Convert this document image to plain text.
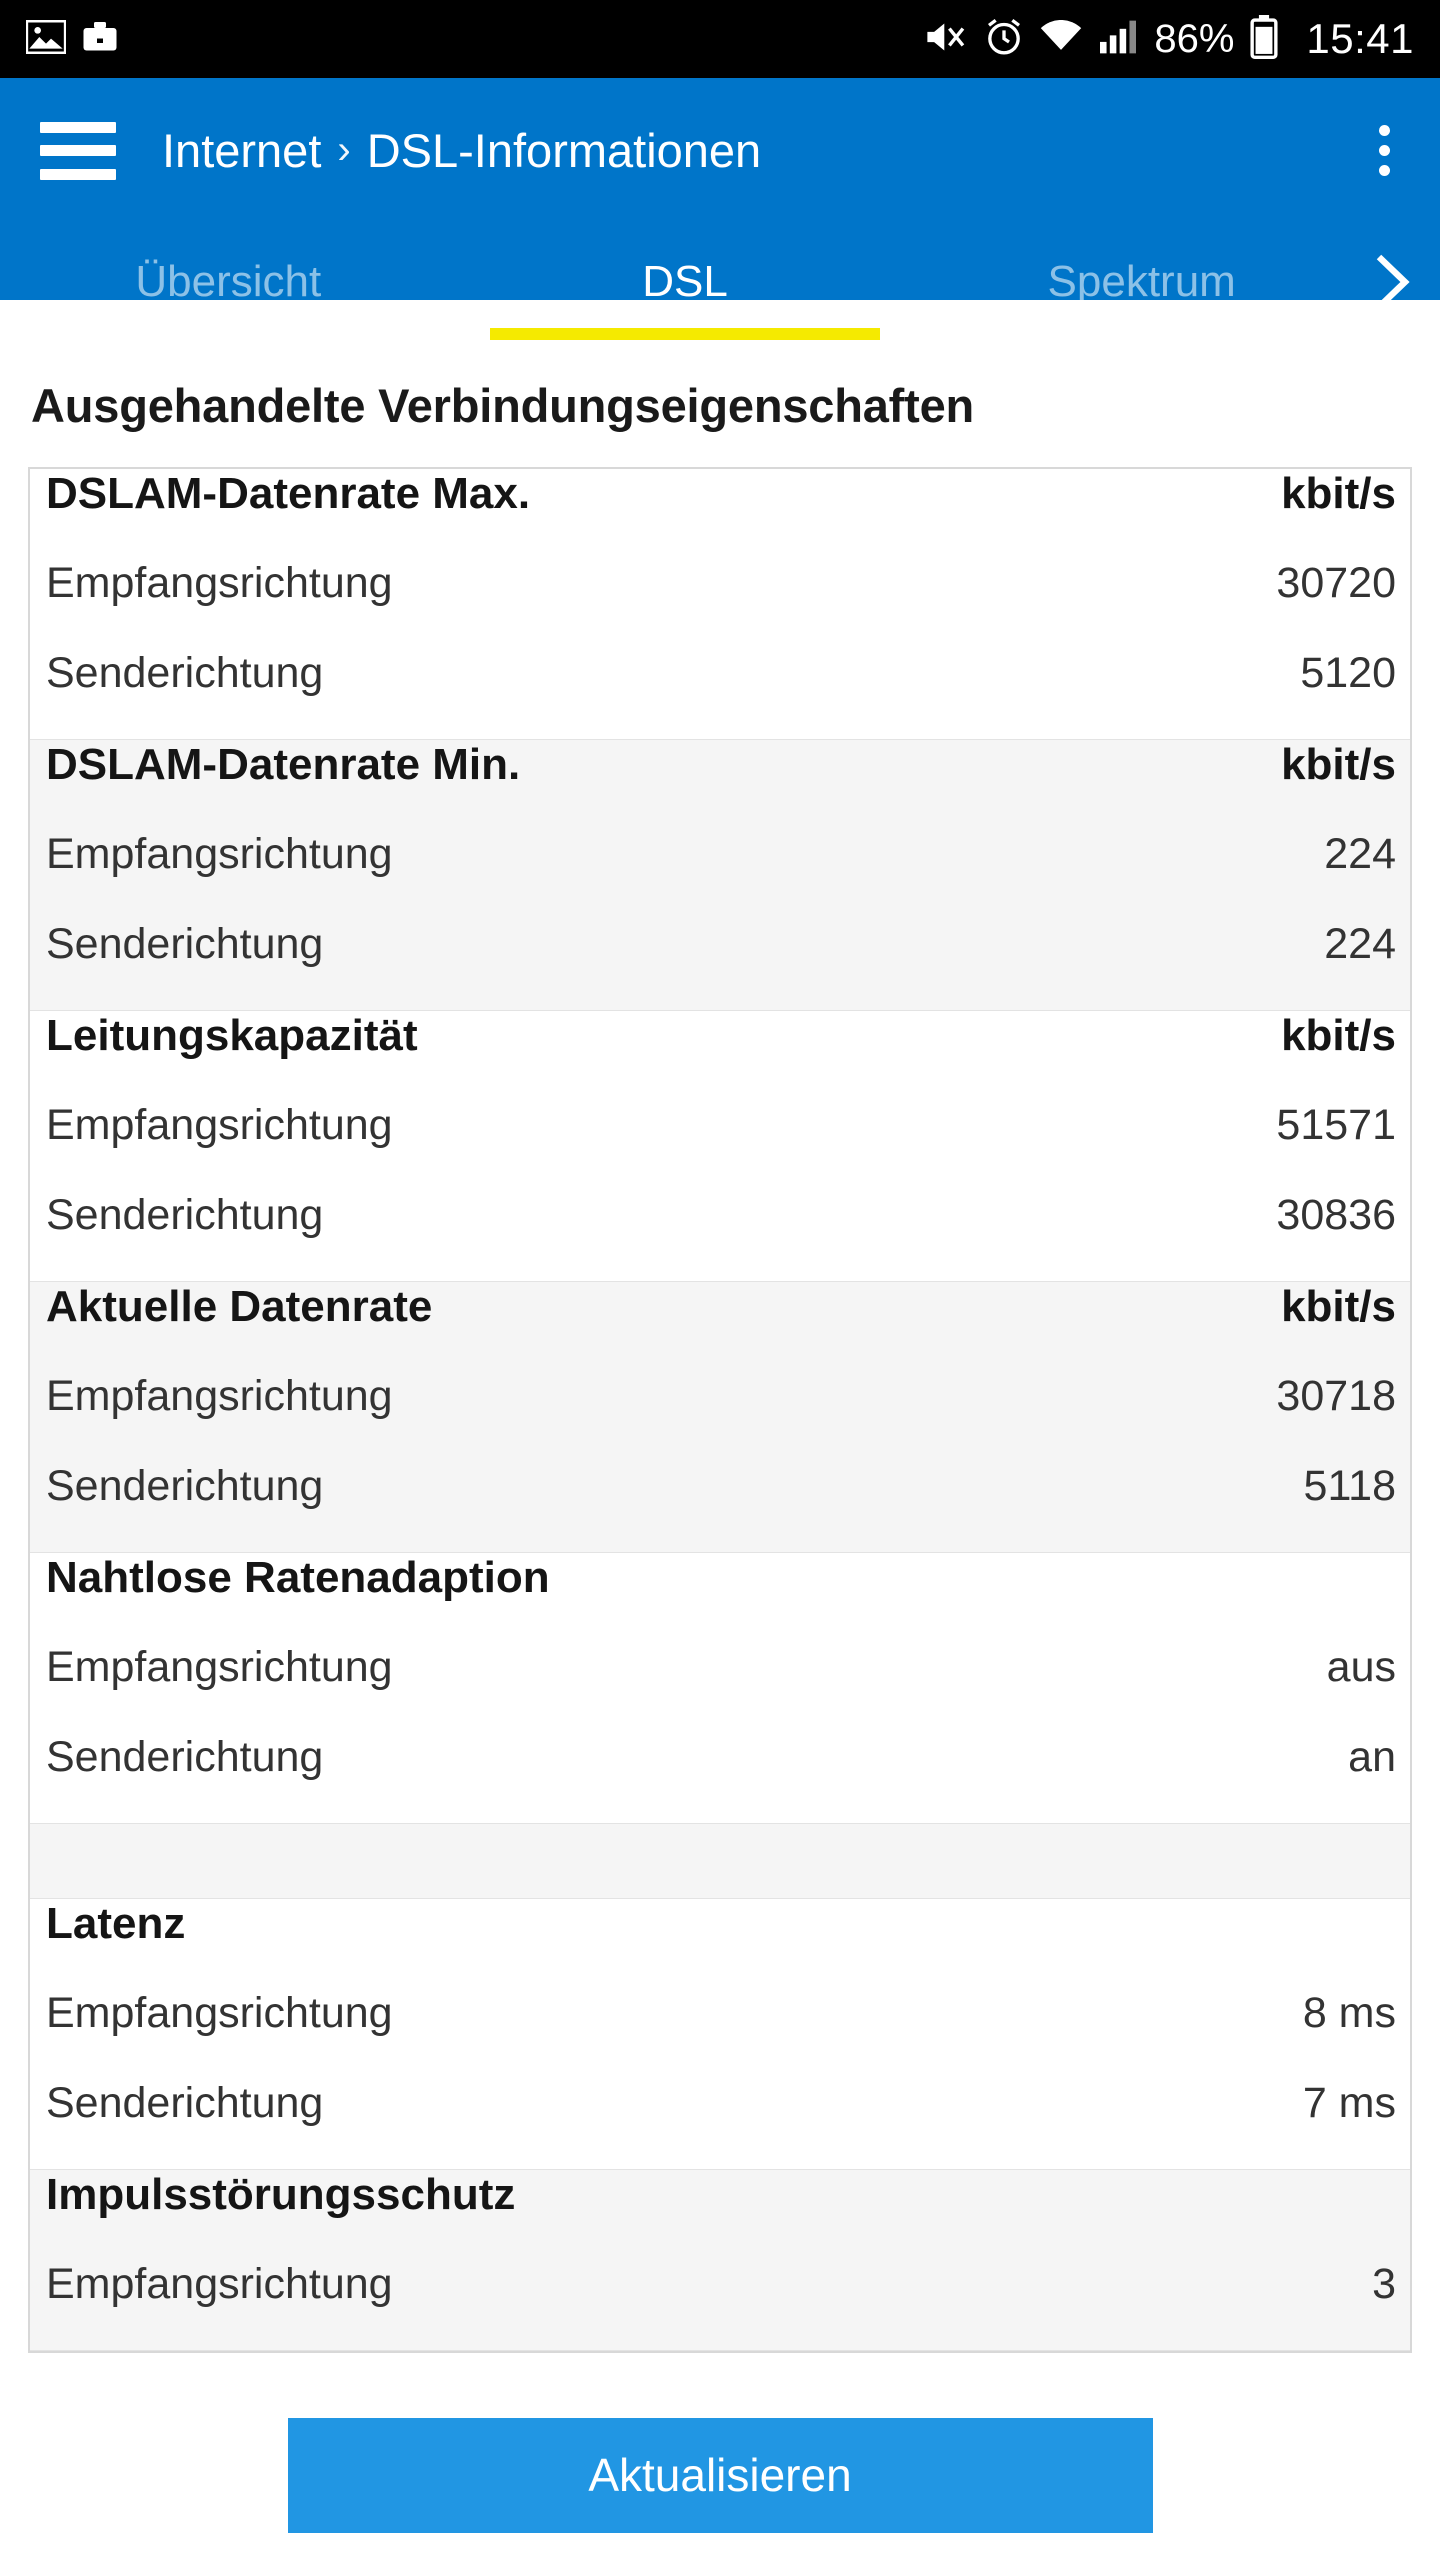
86% 15:41
Internet › DSL-Informationen
Übersicht	DSL	Spektrum
Ausgehandelte Verbindungseigenschaften
DSLAM-Datenrate Max.	kbit/s
Empfangsrichtung	30720
Senderichtung	5120
DSLAM-Datenrate Min.	kbit/s
Empfangsrichtung	224
Senderichtung	224
Leitungskapazität	kbit/s
Empfangsrichtung	51571
Senderichtung	30836
Aktuelle Datenrate	kbit/s
Empfangsrichtung	30718
Senderichtung	5118
Nahtlose Ratenadaption
Empfangsrichtung	aus
Senderichtung	an
Latenz
Empfangsrichtung	8 ms
Senderichtung	7 ms
Impulsstörungsschutz
Empfangsrichtung	3
Aktualisieren
